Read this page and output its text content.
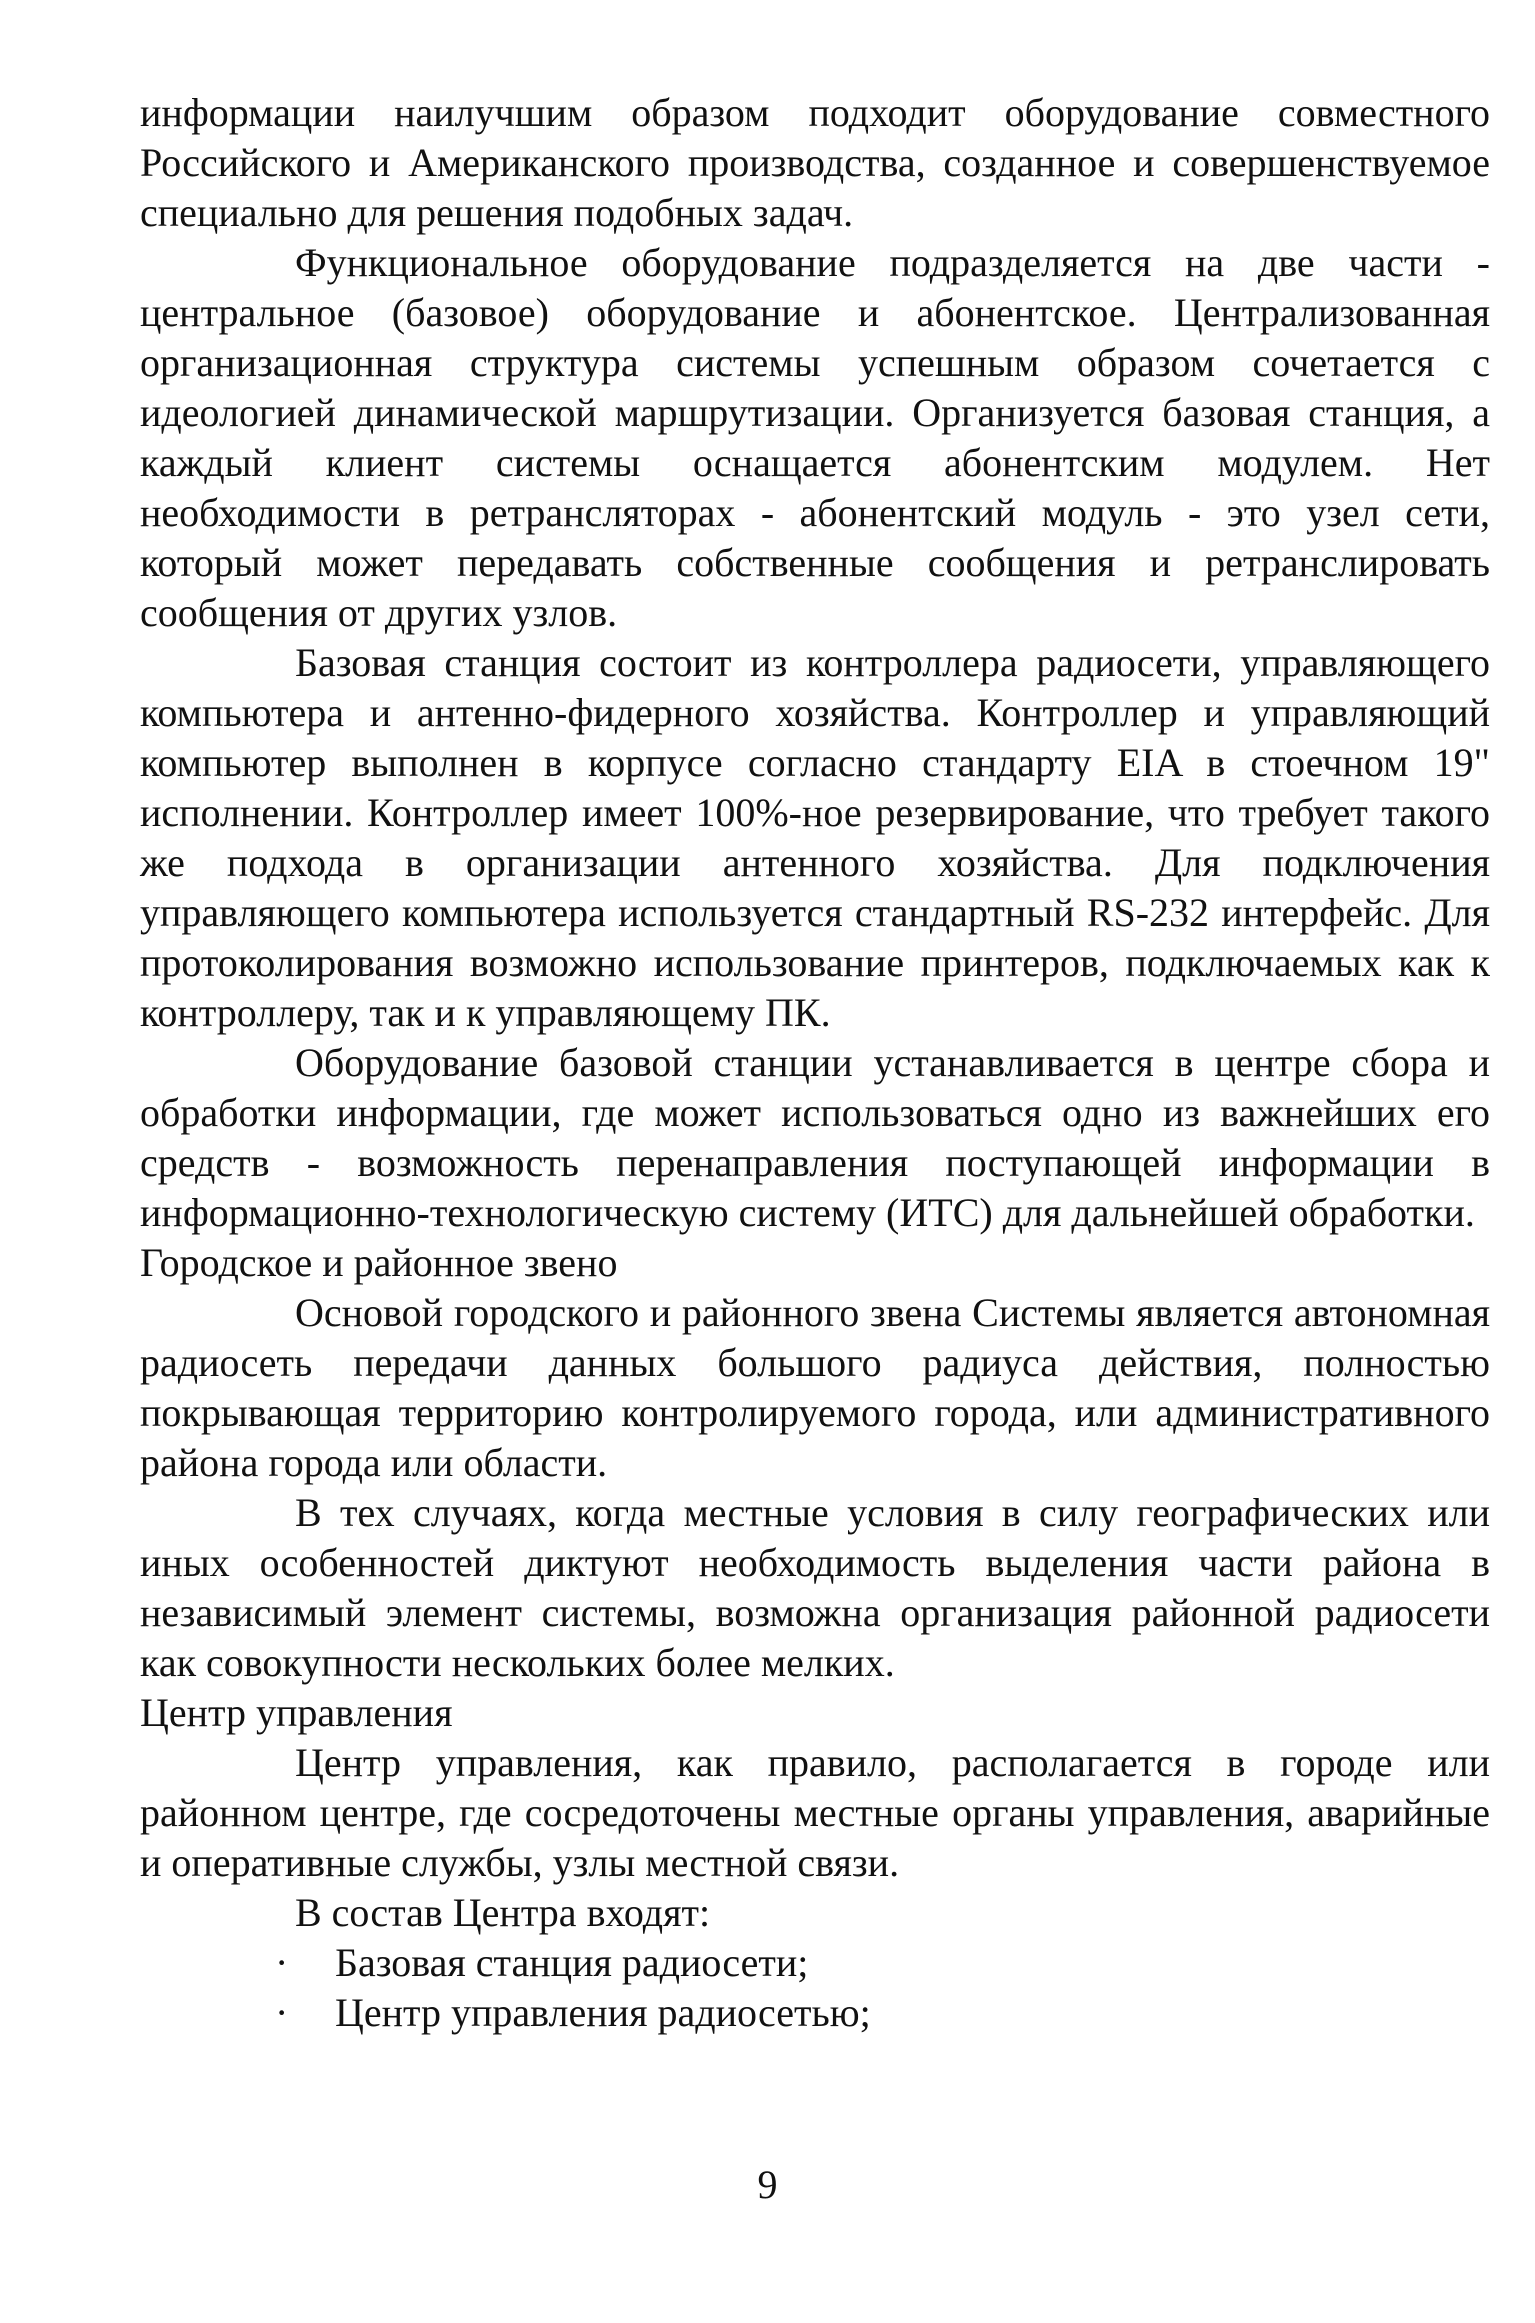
информации наилучшим образом подходит оборудование совместного Российского и Американского производства, созданное и совершенствуемое специально для решения подобных задач.

Функциональное оборудование подразделяется на две части - центральное (базовое) оборудование и абонентское. Централизованная организационная структура системы успешным образом сочетается с идеологией динамической маршрутизации. Организуется базовая станция, а каждый клиент системы оснащается абонентским модулем. Нет необходимости в ретрансляторах - абонентский модуль - это узел сети, который может передавать собственные сообщения и ретранслировать сообщения от других узлов.

Базовая станция состоит из контроллера радиосети, управляющего компьютера и антенно-фидерного хозяйства. Контроллер и управляющий компьютер выполнен в корпусе согласно стандарту EIA в стоечном 19" исполнении. Контроллер имеет 100%-ное резервирование, что требует такого же подхода в организации антенного хозяйства. Для подключения управляющего компьютера используется стандартный RS-232 интерфейс. Для протоколирования возможно использование принтеров, подключаемых как к контроллеру, так и к управляющему ПК.

Оборудование базовой станции устанавливается в центре сбора и обработки информации, где может использоваться одно из важнейших его средств - возможность перенаправления поступающей информации в информационно-технологическую систему (ИТС) для дальнейшей обработки.

Городское и районное звено

Основой городского и районного звена Системы является автономная радиосеть передачи данных большого радиуса действия, полностью покрывающая территорию контролируемого города, или административного района города или области.

В тех случаях, когда местные условия в силу географических или иных особенностей диктуют необходимость выделения части района в независимый элемент системы, возможна организация районной радиосети как совокупности нескольких более мелких.

Центр управления

Центр управления, как правило, располагается в городе или районном центре, где сосредоточены местные органы управления, аварийные и оперативные службы, узлы местной связи.

В состав Центра входят:

· Базовая станция радиосети;
· Центр управления радиосетью;
9
